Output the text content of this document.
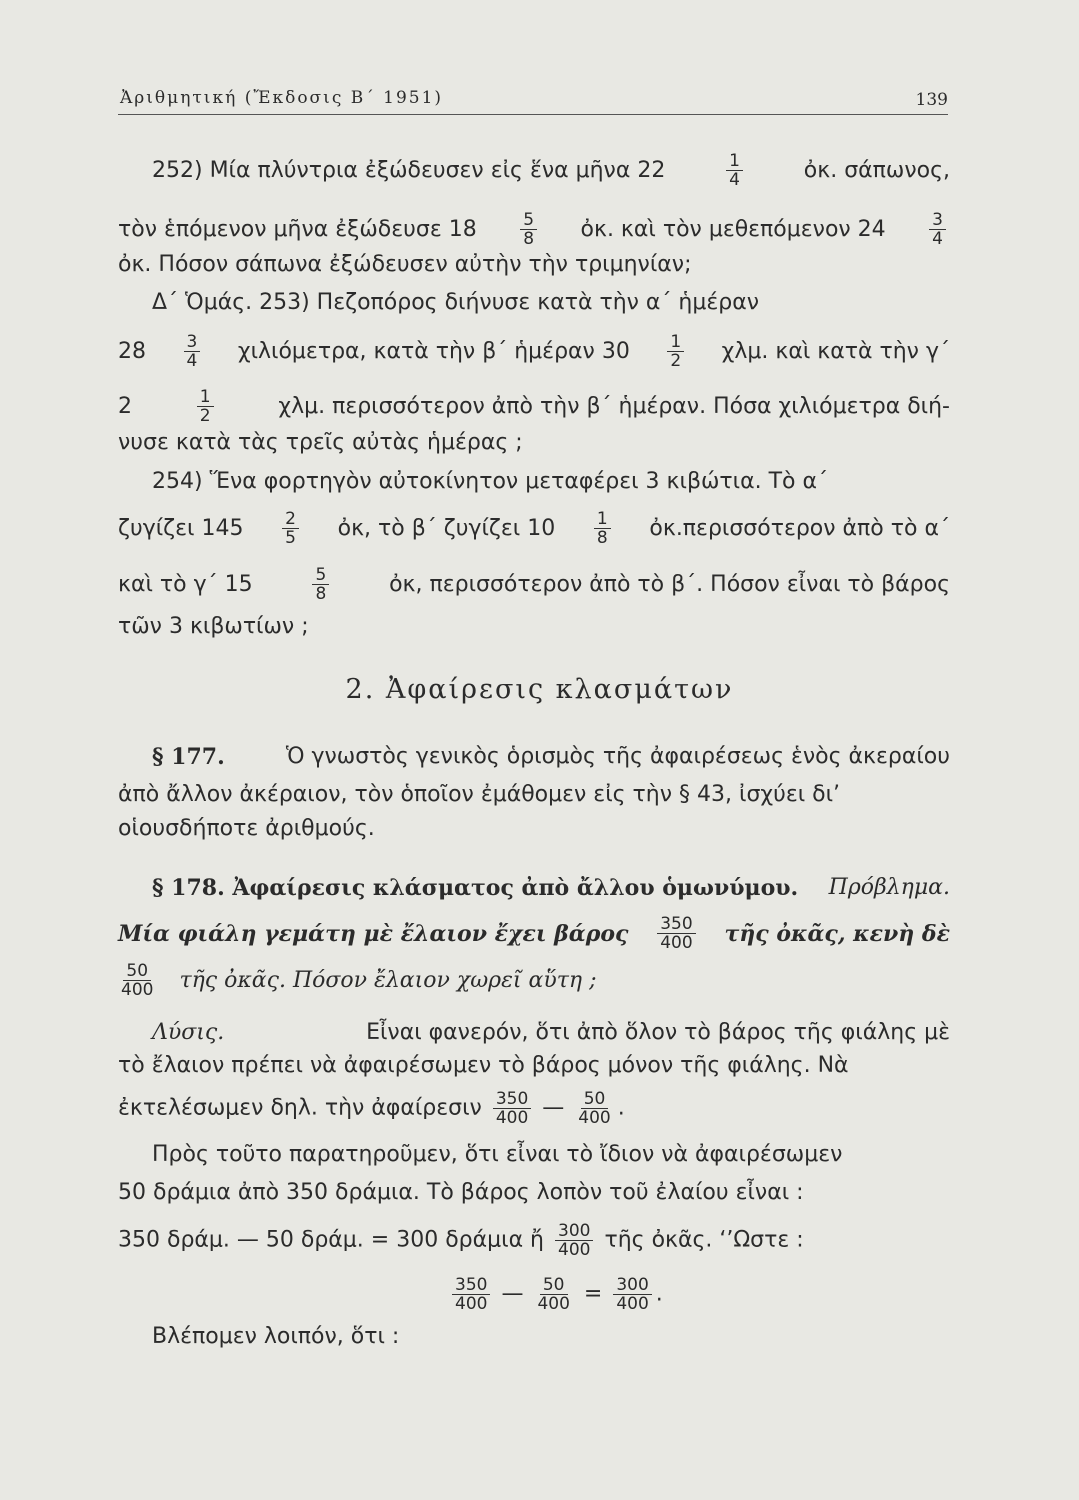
Ἀριθμητική (Ἔκδοσις Β΄ 1951)	139
252) Μία πλύντρια ἐξώδευσεν εἰς ἕνα μῆνα 22	$\frac{1}{4}$	ὀκ. σάπωνος,
τὸν ἑπόμενον μῆνα ἐξώδευσε 18	$\frac{5}{8}$ ὀκ. καὶ τὸν μεθεπόμενον 24	$\frac{3}{4}$
ὀκ. Πόσον σάπωνα ἐξώδευσεν αὐτὴν τὴν τριμηνίαν;
Δ΄ Ὁμάς. 253) Πεζοπόρος διήνυσε κατὰ τὴν α΄ ἡμέραν
$28 \frac{3}{4} \chi\iota\lambda\iota ό\mu\varepsilon\tau\rho\alpha$, κατὰ τὴν β΄ ἡμέραν $30 \frac{1}{2} \chi\lambda\mu$. καὶ κατὰ τὴν γ΄
2	$\frac{1}{2}$	χλμ. περισσότερον ἀπὸ τὴν β΄ ἡμέραν. Πόσα χιλιόμετρα διή-
νυσε κατὰ τὰς τρεῖς αὐτὰς ἡμέρας ;
254) Ἕνα φορτηγὸν αὐτοκίνητον μεταφέρει 3 κιβώτια. Τὸ α΄
ζυγίζει $145 \frac{2}{5}$ ὀκ, τὸ β΄ ζυγίζει $10 \frac{1}{8}$ ὀκ.περισσότερον ἀπὸ τὸ α΄
καὶ τὸ γ΄ 15	$\frac{5}{8}$	ὀκ, περισσότερον ἀπὸ τὸ β΄. Πόσον εἶναι τὸ βάρος
τῶν 3 κιβωτίων ;
2. Ἀφαίρεσις κλασμάτων
§ 177.	Ὁ γνωστὸς γενικὸς ὁρισμὸς τῆς ἀφαιρέσεως ἑνὸς ἀκεραίου
ἀπὸ ἄλλον ἀκέραιον, τὸν ὁποῖον ἐμάθομεν εἰς τὴν § 43, ἰσχύει δι’
οἱουσδήποτε ἀριθμούς.
§ 178. Ἀφαίρεσις κλάσματος ἀπὸ ἄλλου ὁμωνύμου. Πρόβλημα.
Μία φιάλη γεμάτη μὲ ἔλαιον ἔχει βάρος $\frac{350}{400}$ τῆς ὀκᾶς, κενὴ δὲ
$\frac{50}{400}$ τῆς ὀκᾶς. Πόσον ἔλαιον χωρεῖ αὕτη ;
Λύσις.	Εἶναι φανερόν, ὅτι ἀπὸ ὅλον τὸ βάρος τῆς φιάλης μὲ
τὸ ἔλαιον πρέπει νὰ ἀφαιρέσωμεν τὸ βάρος μόνον τῆς φιάλης. Νὰ
ἐκτελέσωμεν δηλ. τὴν ἀφαίρεσιν $\frac{350}{400}$ — $\frac{50}{400}$ .
Πρὸς τοῦτο παρατηροῦμεν, ὅτι εἶναι τὸ ἴδιον νὰ ἀφαιρέσωμεν
50 δράμια ἀπὸ 350 δράμια. Τὸ βάρος λοπὸν τοῦ ἐλαίου εἶναι :
350 δράμ. — 50 δράμ. = 300 δράμια ἤ $\frac{300}{400}$ τῆς ὀκᾶς. ‘’Ωστε :
$\frac{350}{400}$ — $\frac{50}{400} = \frac{300}{400}$ .
Βλέπομεν λοιπόν, ὅτι :
